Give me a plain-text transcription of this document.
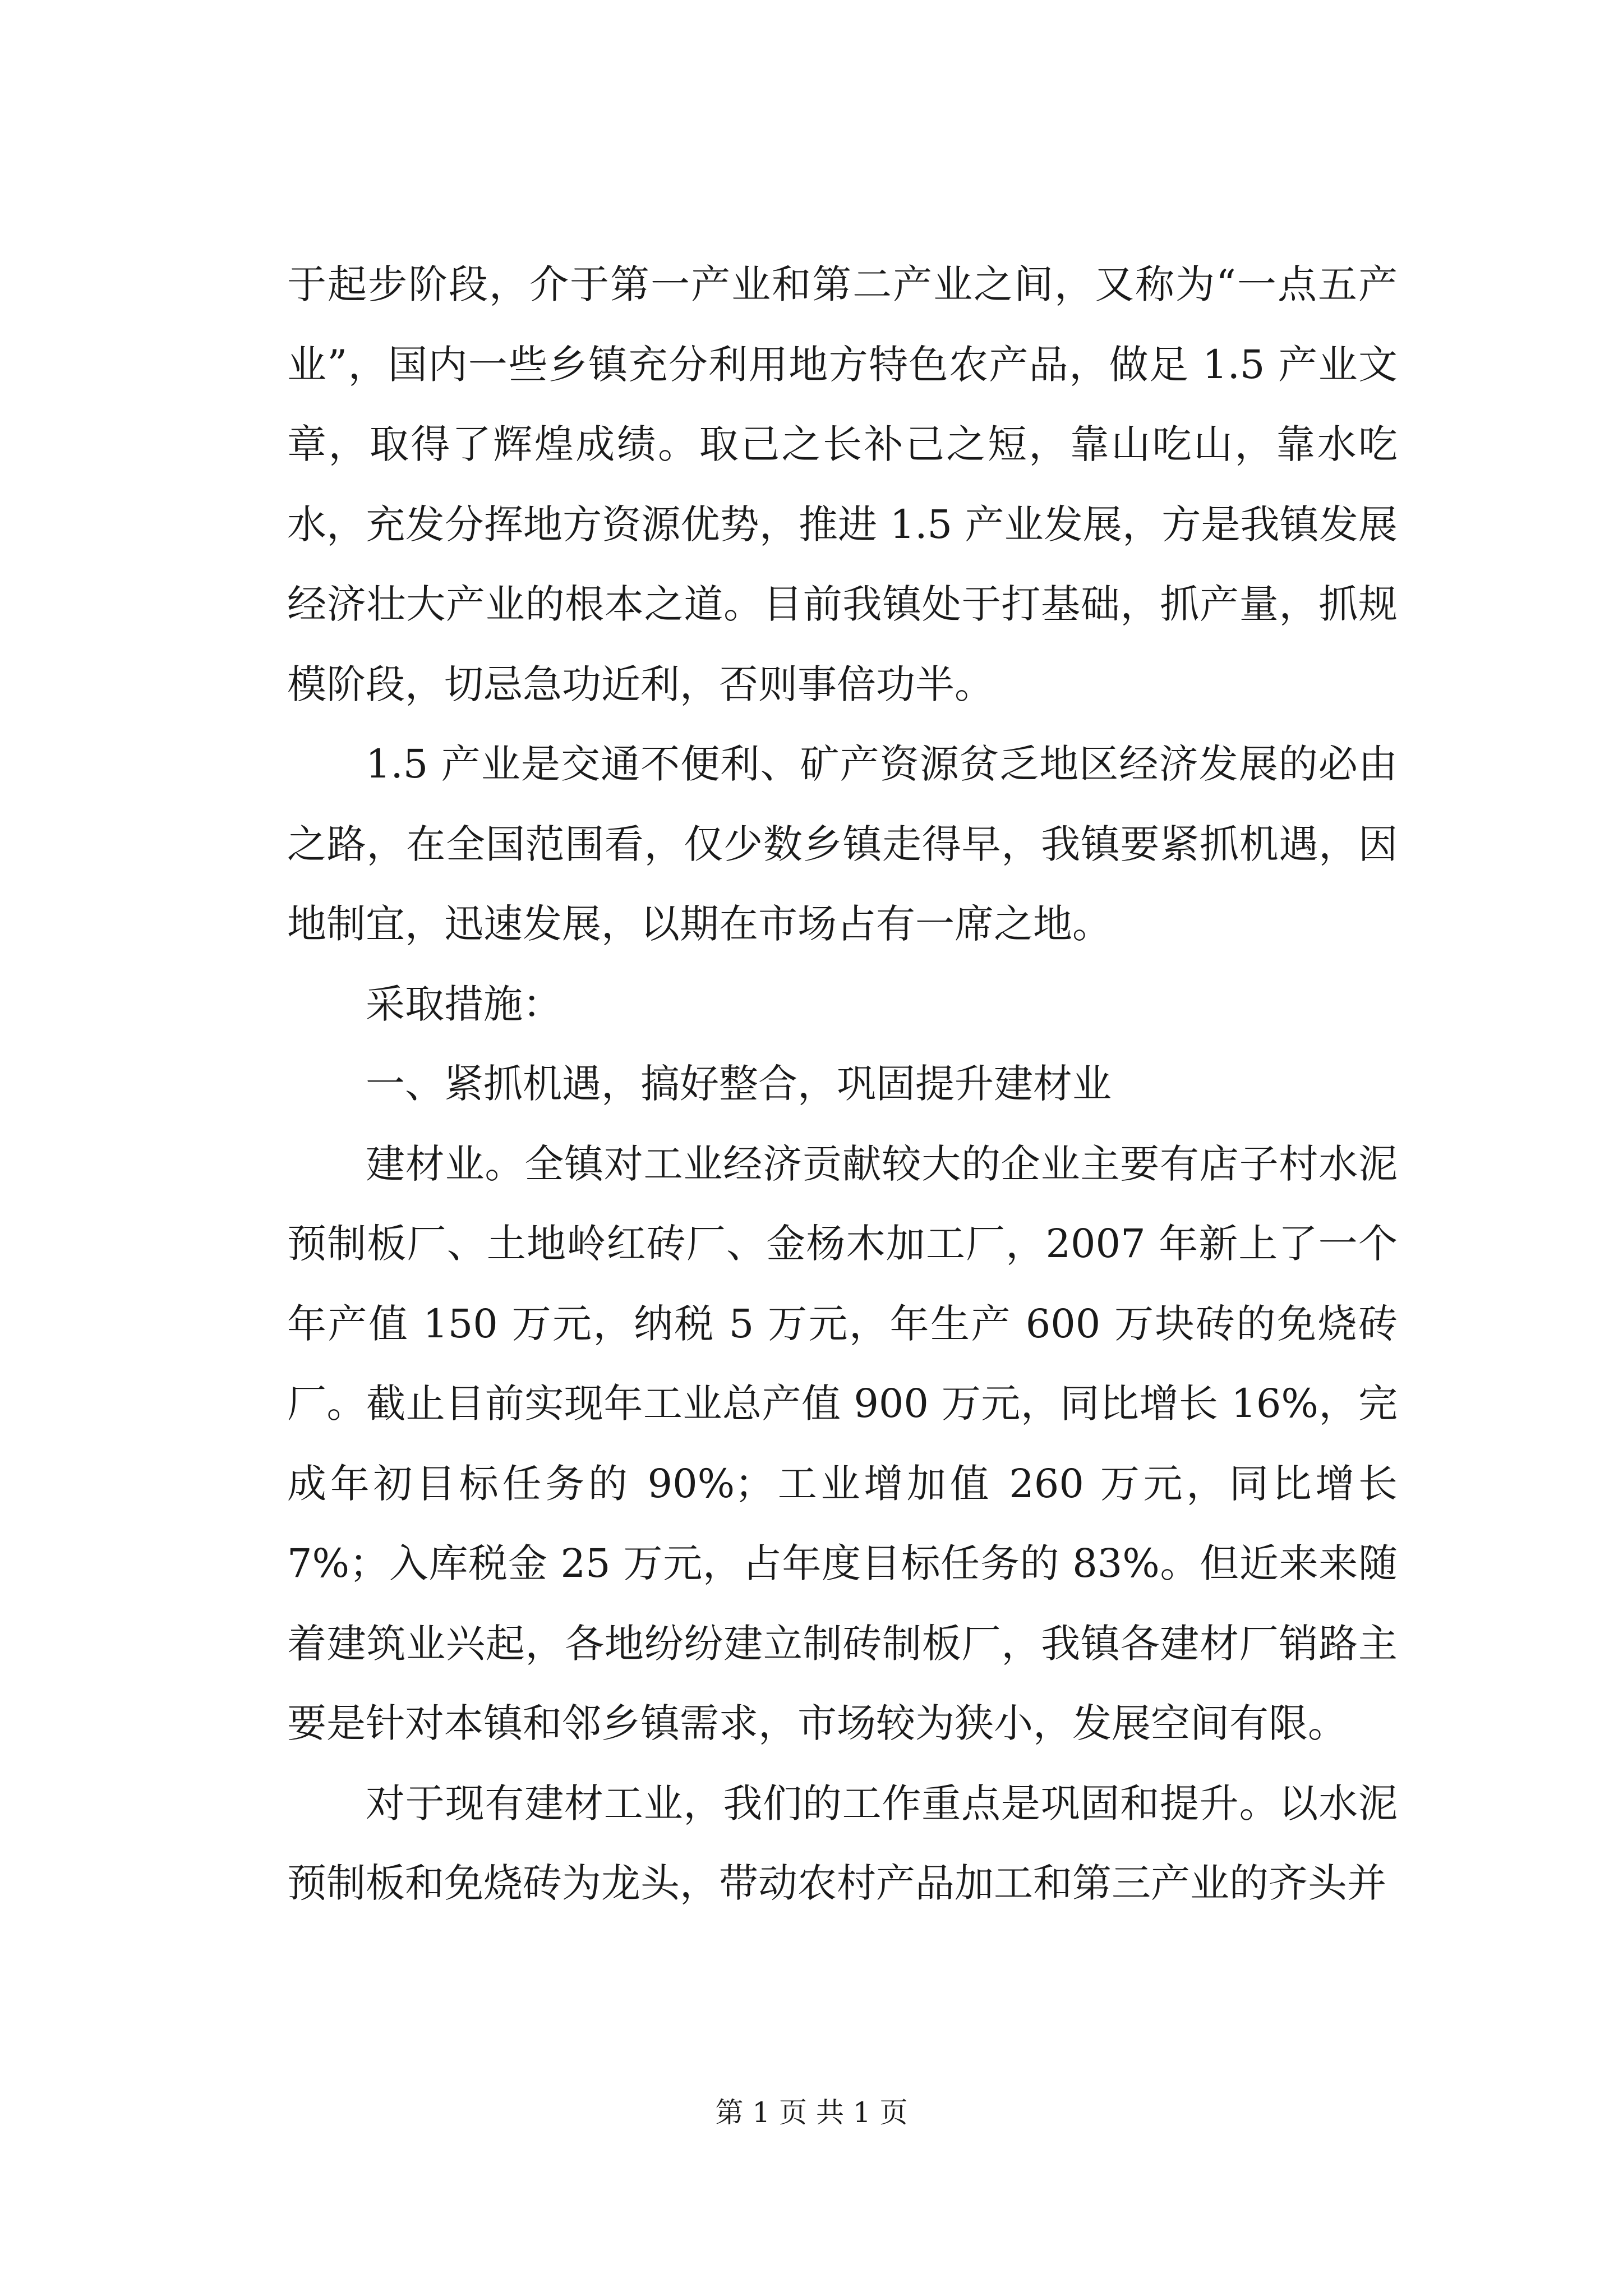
于起步阶段，介于第一产业和第二产业之间，又称为“一点五产业”，国内一些乡镇充分利用地方特色农产品，做足 1.5 产业文章，取得了辉煌成绩。取己之长补己之短，靠山吃山，靠水吃水，充发分挥地方资源优势，推进 1.5 产业发展，方是我镇发展经济壮大产业的根本之道。目前我镇处于打基础，抓产量，抓规模阶段，切忌急功近利，否则事倍功半。

1.5 产业是交通不便利、矿产资源贫乏地区经济发展的必由之路，在全国范围看，仅少数乡镇走得早，我镇要紧抓机遇，因地制宜，迅速发展，以期在市场占有一席之地。

采取措施：

一、紧抓机遇，搞好整合，巩固提升建材业

建材业。全镇对工业经济贡献较大的企业主要有店子村水泥预制板厂、土地岭红砖厂、金杨木加工厂，2007 年新上了一个年产值 150 万元，纳税 5 万元，年生产 600 万块砖的免烧砖厂。截止目前实现年工业总产值 900 万元，同比增长 16%，完成年初目标任务的 90%；工业增加值 260 万元，同比增长 7%；入库税金 25 万元，占年度目标任务的 83%。但近来来随着建筑业兴起，各地纷纷建立制砖制板厂，我镇各建材厂销路主要是针对本镇和邻乡镇需求，市场较为狭小，发展空间有限。

对于现有建材工业，我们的工作重点是巩固和提升。以水泥预制板和免烧砖为龙头，带动农村产品加工和第三产业的齐头并

第 1 页 共 1 页
